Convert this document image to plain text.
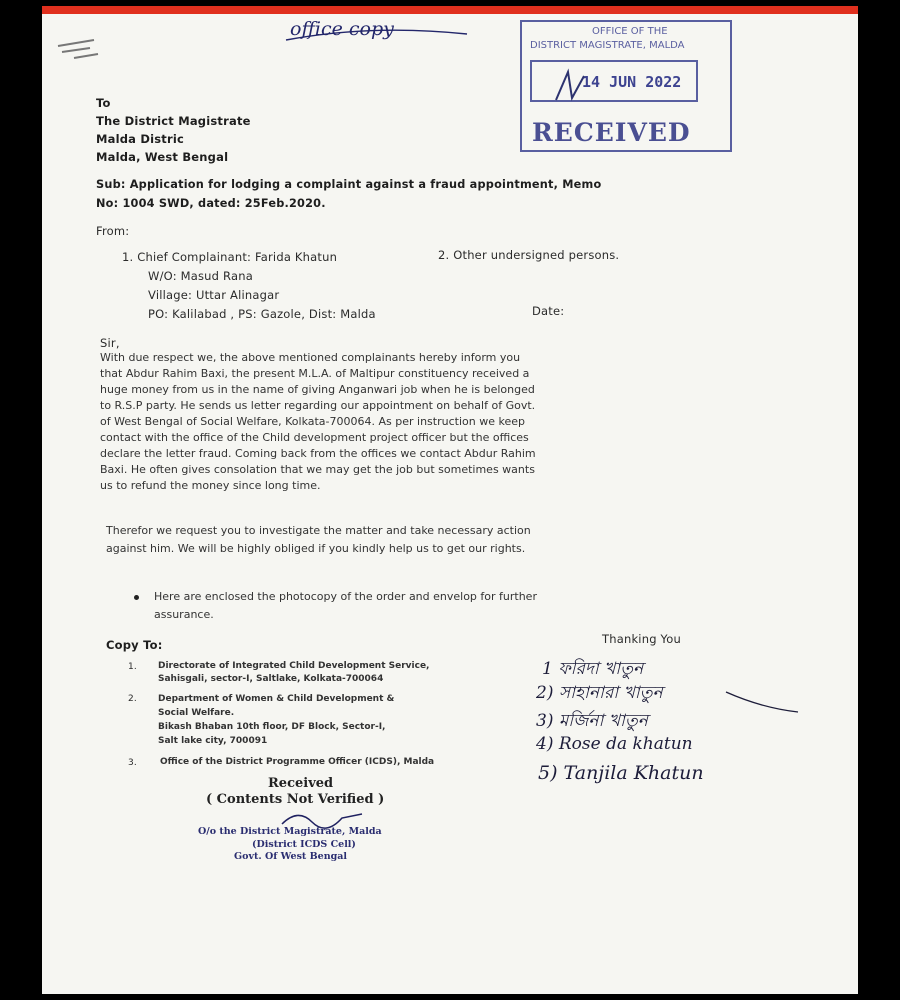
office copy	OFFICE OF THE
DISTRICT MAGISTRATE, MALDA
14 JUN 2022
RECEIVED
To
The District Magistrate
Malda Distric
Malda, West Bengal
Sub: Application for lodging a complaint against a fraud appointment, Memo
No: 1004 SWD, dated: 25Feb.2020.
From:
1. Chief Complainant: Farida Khatun	2. Other undersigned persons.
W/O: Masud Rana
Village: Uttar Alinagar
PO: Kalilabad , PS: Gazole, Dist: Malda	Date:
Sir,
With due respect we, the above mentioned complainants hereby inform you
that Abdur Rahim Baxi, the present M.L.A. of Maltipur constituency received a
huge money from us in the name of giving Anganwari job when he is belonged
to R.S.P party. He sends us letter regarding our appointment on behalf of Govt.
of West Bengal of Social Welfare, Kolkata-700064. As per instruction we keep
contact with the office of the Child development project officer but the offices
declare the letter fraud. Coming back from the offices we contact Abdur Rahim
Baxi. He often gives consolation that we may get the job but sometimes wants
us to refund the money since long time.
Therefor we request you to investigate the matter and take necessary action
against him. We will be highly obliged if you kindly help us to get our rights.
Here are enclosed the photocopy of the order and envelop for further
assurance.
Copy To:
1. Directorate of Integrated Child Development Service,
Sahisgali, sector-I, Saltlake, Kolkata-700064
2. Department of Women & Child Development &
Social Welfare.
Bikash Bhaban 10th floor, DF Block, Sector-I,
Salt lake city, 700091
3.	Office of the District Programme Officer (ICDS), Malda
Thanking You
1 ফরিদা খাতুন
2) সাহানারা খাতুন
3) মর্জিনা খাতুন
4) Rose da khatun
5) Tanjila Khatun
Received
( Contents Not Verified )
O/o the District Magistrate, Malda
(District ICDS Cell)
Govt. Of West Bengal
